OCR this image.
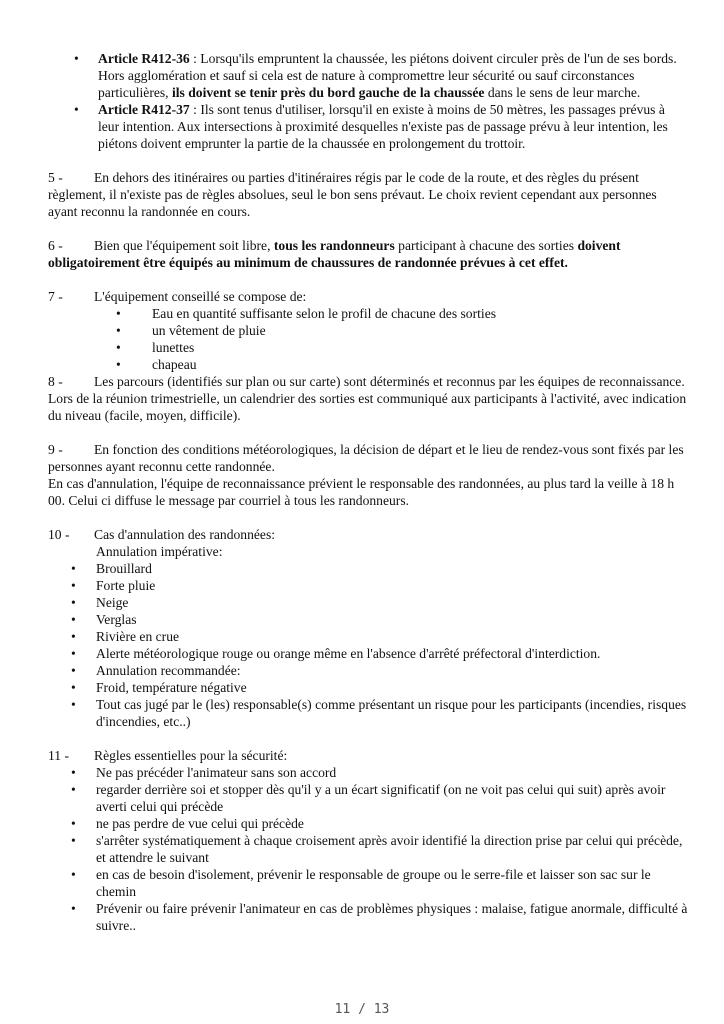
• Article R412-36 : Lorsqu'ils empruntent la chaussée, les piétons doivent circuler près de l'un de ses bords. Hors agglomération et sauf si cela est de nature à compromettre leur sécurité ou sauf circonstances particulières, ils doivent se tenir près du bord gauche de la chaussée dans le sens de leur marche.
• Article R412-37 : Ils sont tenus d'utiliser, lorsqu'il en existe à moins de 50 mètres, les passages prévus à leur intention. Aux intersections à proximité desquelles n'existe pas de passage prévu à leur intention, les piétons doivent emprunter la partie de la chaussée en prolongement du trottoir.

5 - En dehors des itinéraires ou parties d'itinéraires régis par le code de la route, et des règles du présent règlement, il n'existe pas de règles absolues, seul le bon sens prévaut. Le choix revient cependant aux personnes ayant reconnu la randonnée en cours.

6 - Bien que l'équipement soit libre, tous les randonneurs participant à chacune des sorties doivent obligatoirement être équipés au minimum de chaussures de randonnée prévues à cet effet.

7 - L'équipement conseillé se compose de:

• Eau en quantité suffisante selon le profil de chacune des sorties
• un vêtement de pluie
• lunettes
• chapeau

8 - Les parcours (identifiés sur plan ou sur carte) sont déterminés et reconnus par les équipes de reconnaissance. Lors de la réunion trimestrielle, un calendrier des sorties est communiqué aux participants à l'activité, avec indication du niveau (facile, moyen, difficile).

9 - En fonction des conditions météorologiques, la décision de départ et le lieu de rendez-vous sont fixés par les personnes ayant reconnu cette randonnée.

En cas d'annulation, l'équipe de reconnaissance prévient le responsable des randonnées, au plus tard la veille à 18 h 00. Celui ci diffuse le message par courriel à tous les randonneurs.

10 - Cas d'annulation des randonnées:

Annulation impérative:

• Brouillard
• Forte pluie
• Neige
• Verglas
• Rivière en crue
• Alerte météorologique rouge ou orange même en l'absence d'arrêté préfectoral d'interdiction.
• Annulation recommandée:
• Froid, température négative
• Tout cas jugé par le (les) responsable(s) comme présentant un risque pour les participants (incendies, risques d'incendies, etc..)

11 - Règles essentielles pour la sécurité:

• Ne pas précéder l'animateur sans son accord
• regarder derrière soi et stopper dès qu'il y a un écart significatif (on ne voit pas celui qui suit) après avoir averti celui qui précède
• ne pas perdre de vue celui qui précède
• s'arrêter systématiquement à chaque croisement après avoir identifié la direction prise par celui qui précède, et attendre le suivant
• en cas de besoin d'isolement, prévenir le responsable de groupe ou le serre-file et laisser son sac sur le chemin
• Prévenir ou faire prévenir l'animateur en cas de problèmes physiques : malaise, fatigue anormale, difficulté à suivre..
11 / 13
